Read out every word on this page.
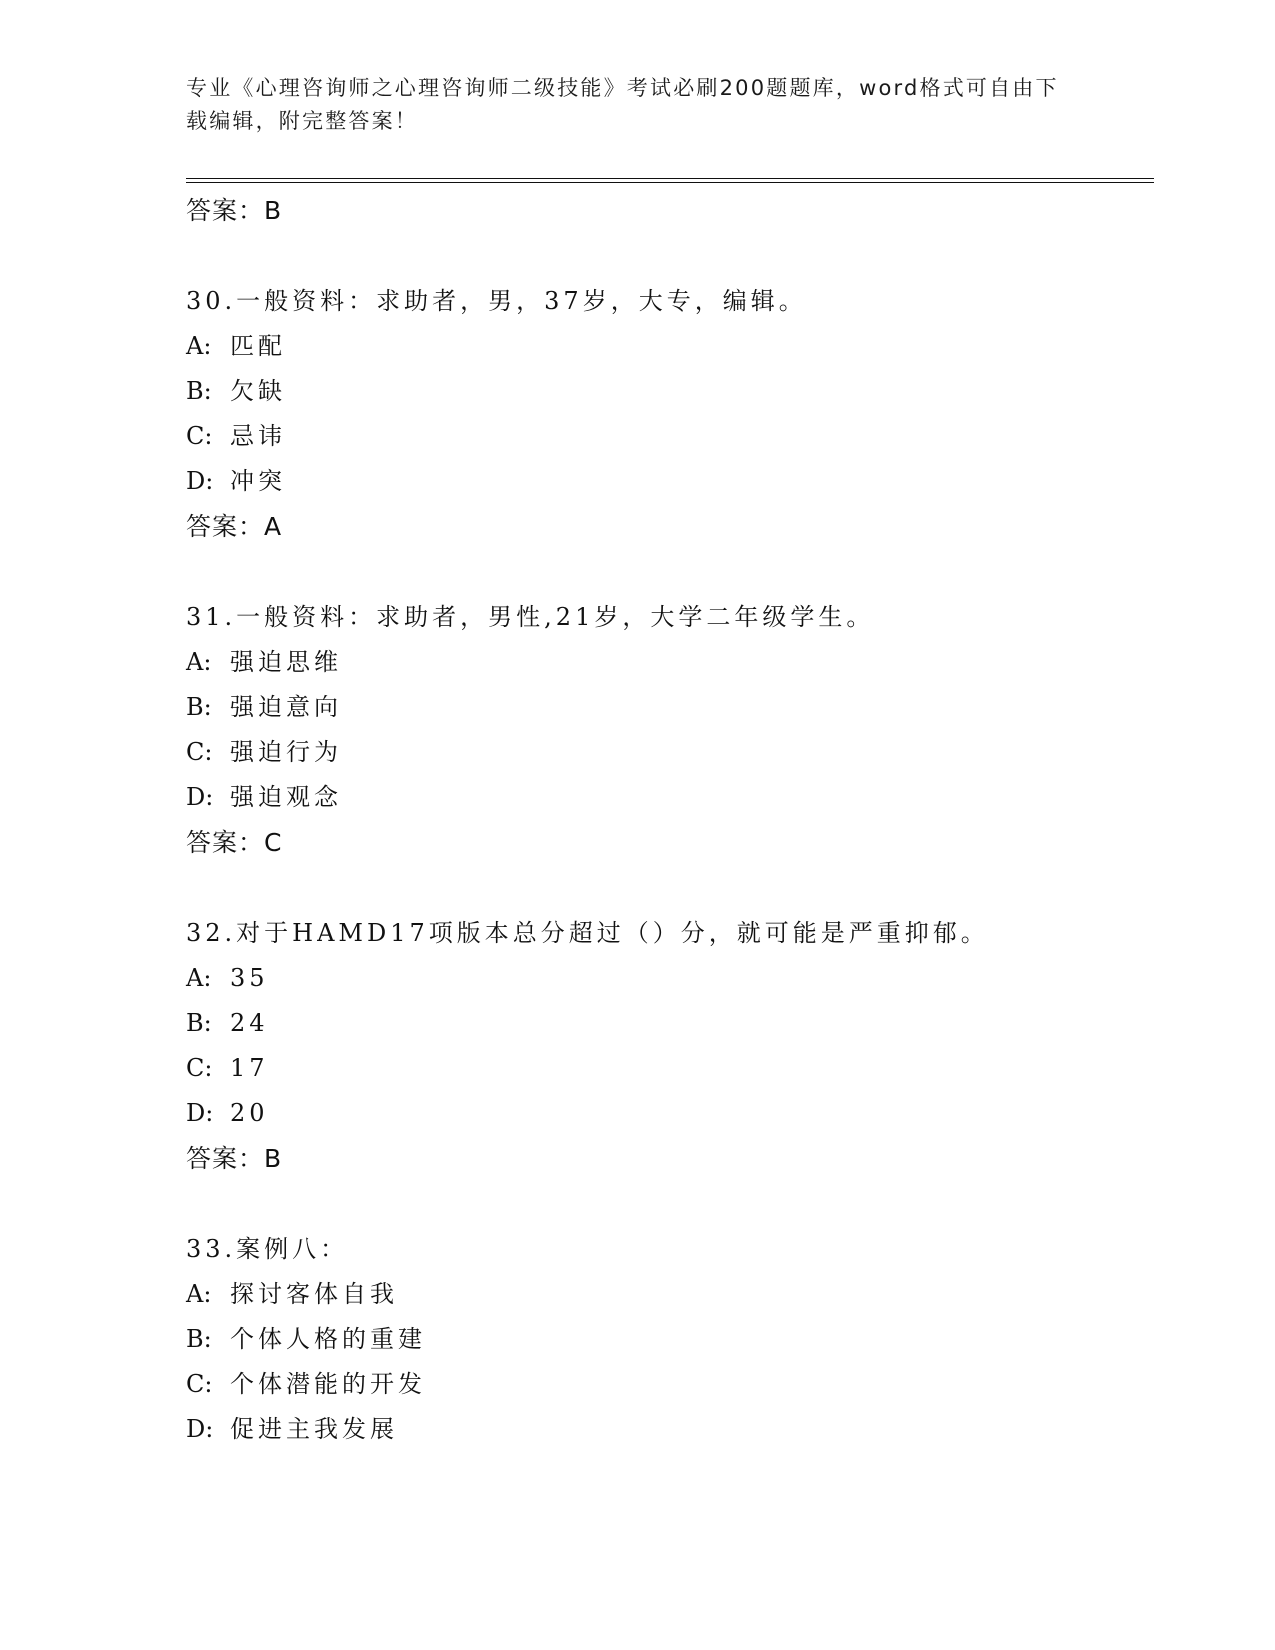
专业《心理咨询师之心理咨询师二级技能》考试必刷200题题库，word格式可自由下载编辑，附完整答案！
答案：B
30.一般资料：求助者，男，37岁，大专，编辑。
A: 匹配
B: 欠缺
C: 忌讳
D: 冲突
答案：A
31.一般资料：求助者，男性,21岁，大学二年级学生。
A: 强迫思维
B: 强迫意向
C: 强迫行为
D: 强迫观念
答案：C
32.对于HAMD17项版本总分超过（）分，就可能是严重抑郁。
A: 35
B: 24
C: 17
D: 20
答案：B
33.案例八：
A: 探讨客体自我
B: 个体人格的重建
C: 个体潜能的开发
D: 促进主我发展
